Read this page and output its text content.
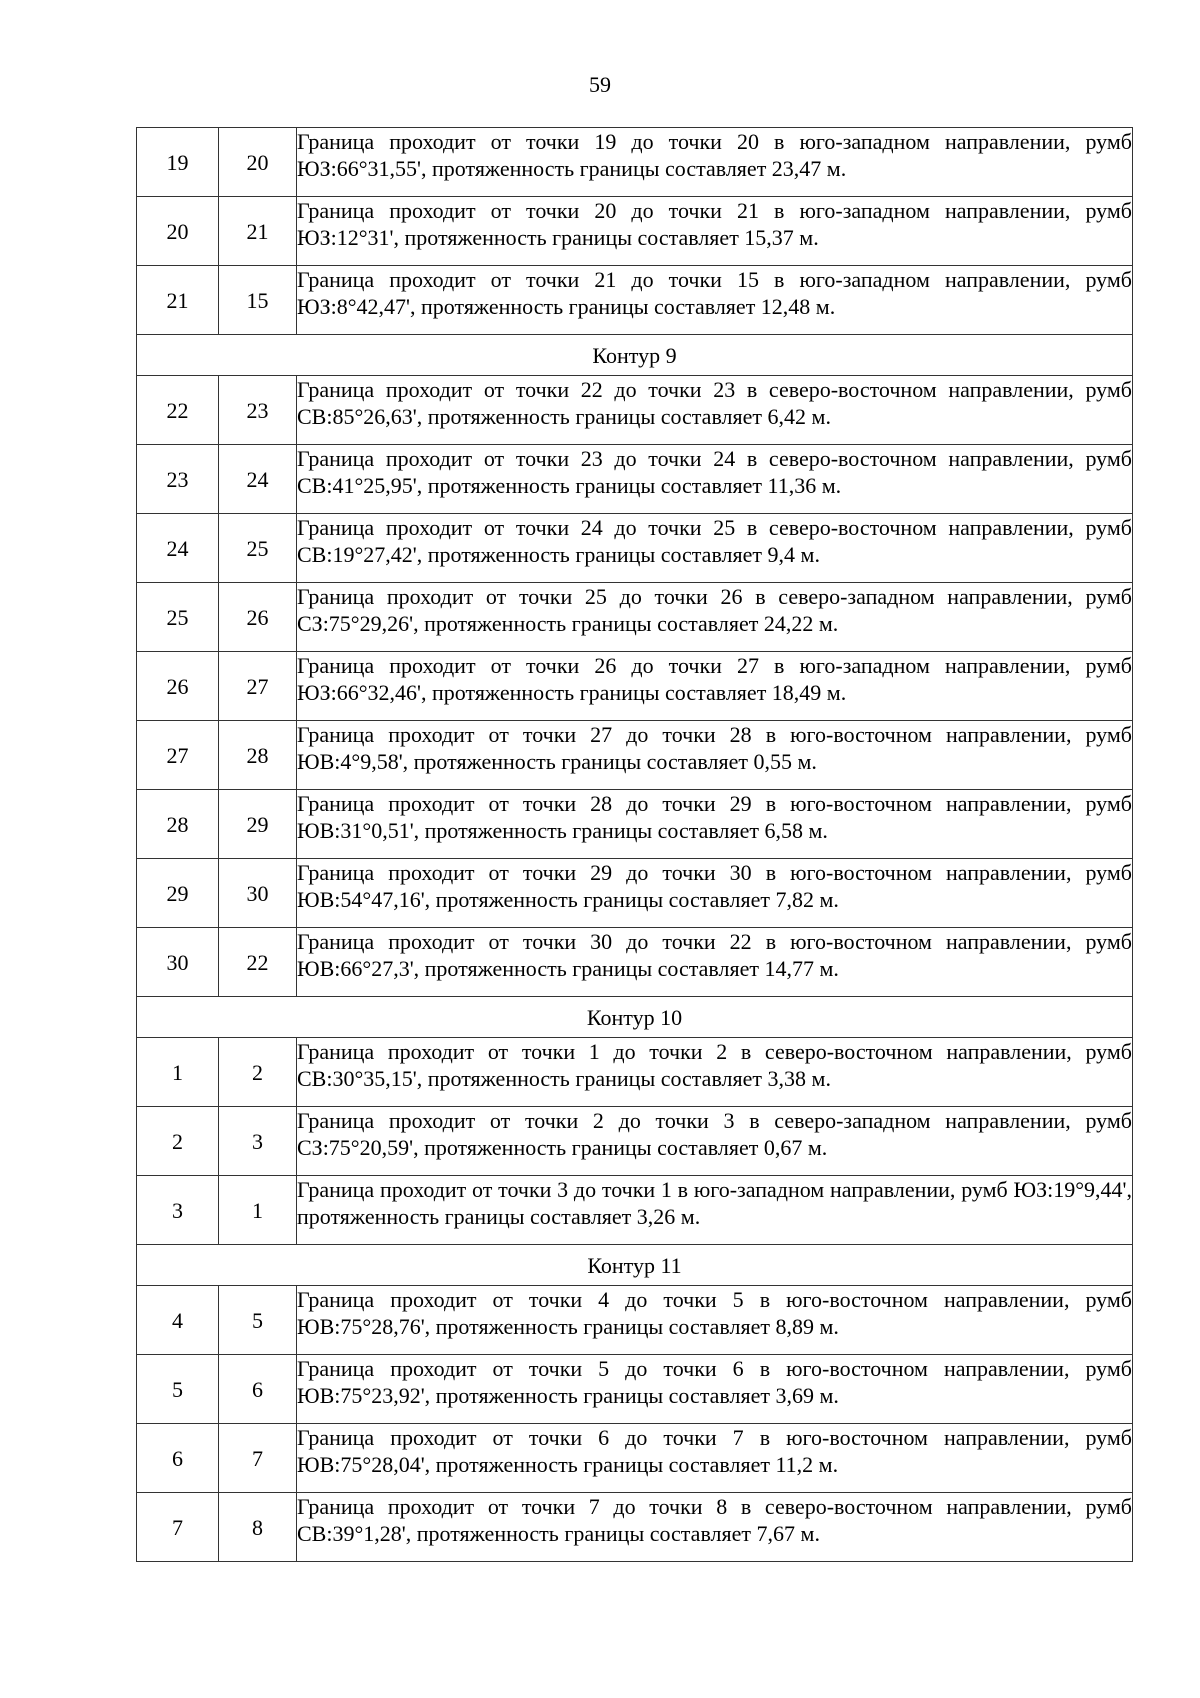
59
19	20	Граница проходит от точки 19 до точки 20 в юго-западном направлении, румб ЮЗ:66°31,55', протяженность границы составляет 23,47 м.
20	21	Граница проходит от точки 20 до точки 21 в юго-западном направлении, румб ЮЗ:12°31', протяженность границы составляет 15,37 м.
21	15	Граница проходит от точки 21 до точки 15 в юго-западном направлении, румб ЮЗ:8°42,47', протяженность границы составляет 12,48 м.
Контур 9		
22	23	Граница проходит от точки 22 до точки 23 в северо-восточном направлении, румб СВ:85°26,63', протяженность границы составляет 6,42 м.
23	24	Граница проходит от точки 23 до точки 24 в северо-восточном направлении, румб СВ:41°25,95', протяженность границы составляет 11,36 м.
24	25	Граница проходит от точки 24 до точки 25 в северо-восточном направлении, румб СВ:19°27,42', протяженность границы составляет 9,4 м.
25	26	Граница проходит от точки 25 до точки 26 в северо-западном направлении, румб СЗ:75°29,26', протяженность границы составляет 24,22 м.
26	27	Граница проходит от точки 26 до точки 27 в юго-западном направлении, румб ЮЗ:66°32,46', протяженность границы составляет 18,49 м.
27	28	Граница проходит от точки 27 до точки 28 в юго-восточном направлении, румб ЮВ:4°9,58', протяженность границы составляет 0,55 м.
28	29	Граница проходит от точки 28 до точки 29 в юго-восточном направлении, румб ЮВ:31°0,51', протяженность границы составляет 6,58 м.
29	30	Граница проходит от точки 29 до точки 30 в юго-восточном направлении, румб ЮВ:54°47,16', протяженность границы составляет 7,82 м.
30	22	Граница проходит от точки 30 до точки 22 в юго-восточном направлении, румб ЮВ:66°27,3', протяженность границы составляет 14,77 м.
Контур 10		
1	2	Граница проходит от точки 1 до точки 2 в северо-восточном направлении, румб СВ:30°35,15', протяженность границы составляет 3,38 м.
2	3	Граница проходит от точки 2 до точки 3 в северо-западном направлении, румб СЗ:75°20,59', протяженность границы составляет 0,67 м.
3	1	Граница проходит от точки 3 до точки 1 в юго-западном направлении, румб ЮЗ:19°9,44', протяженность границы составляет 3,26 м.
Контур 11		
4	5	Граница проходит от точки 4 до точки 5 в юго-восточном направлении, румб ЮВ:75°28,76', протяженность границы составляет 8,89 м.
5	6	Граница проходит от точки 5 до точки 6 в юго-восточном направлении, румб ЮВ:75°23,92', протяженность границы составляет 3,69 м.
6	7	Граница проходит от точки 6 до точки 7 в юго-восточном направлении, румб ЮВ:75°28,04', протяженность границы составляет 11,2 м.
7	8	Граница проходит от точки 7 до точки 8 в северо-восточном направлении, румб СВ:39°1,28', протяженность границы составляет 7,67 м.
